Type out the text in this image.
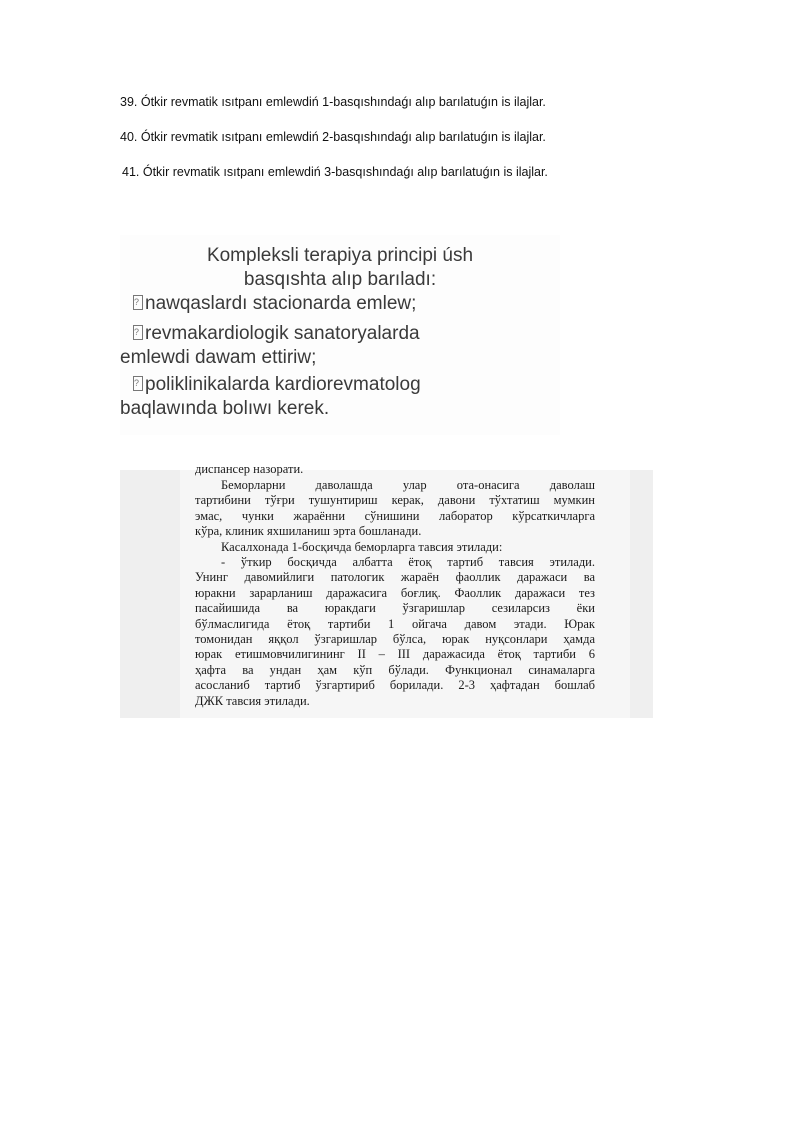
39. Ótkir revmatik ısıtpanı emlewdiń 1-basqıshındaǵı alıp barılatuǵın is ilajlar.
40. Ótkir revmatik ısıtpanı emlewdiń 2-basqıshındaǵı alıp barılatuǵın is ilajlar.
41. Ótkir revmatik ısıtpanı emlewdiń 3-basqıshındaǵı alıp barılatuǵın is ilajlar.
Kompleksli terapiya principi úsh
basqıshta alıp barıladı:
?nawqaslardı stacionarda emlew;
?revmakardiologik sanatoryalarda
emlewdi dawam ettiriw;
?poliklinikalarda kardiorevmatolog
baqlawında bolıwı kerek.
диспансер назорати.
Беморларни даволашда улар ота-онасига даволаш
тартибини тўғри тушунтириш керак, давони тўхтатиш мумкин
эмас, чунки жараённи сўнишини лаборатор кўрсаткичларга
кўра, клиник яхшиланиш эрта бошланади.
Касалхонада 1-босқичда беморларга тавсия этилади:
- ўткир босқичда албатта ётоқ тартиб тавсия этилади.
Унинг давомийлиги патологик жараён фаоллик даражаси ва
юракни зарарланиш даражасига боғлиқ. Фаоллик даражаси тез
пасайишида ва юракдаги ўзгаришлар сезиларсиз ёки
бўлмаслигида ётоқ тартиби 1 ойгача давом этади. Юрак
томонидан яққол ўзгаришлар бўлса, юрак нуқсонлари ҳамда
юрак етишмовчилигининг II – III даражасида ётоқ тартиби 6
ҳафта ва ундан ҳам кўп бўлади. Функционал синамаларга
асосланиб тартиб ўзгартириб борилади. 2-3 ҳафтадан бошлаб
ДЖК тавсия этилади.
